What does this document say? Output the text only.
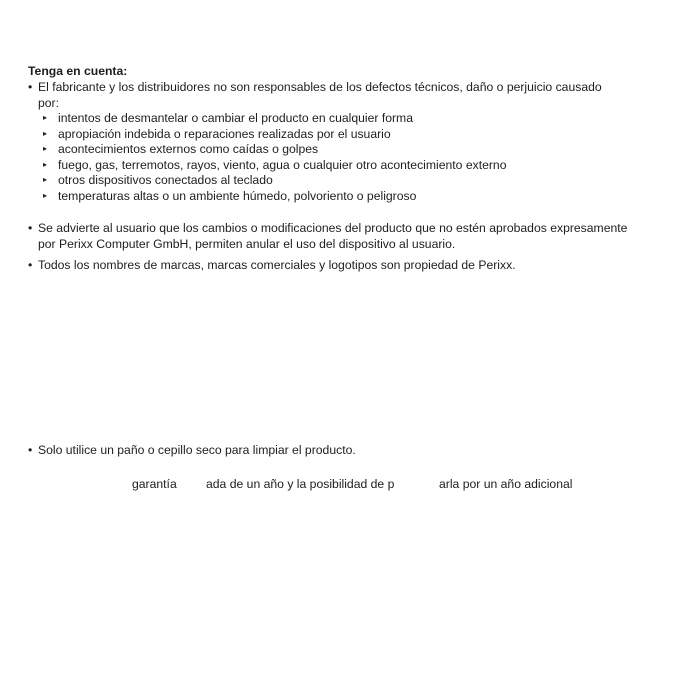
Tenga en cuenta:
• El fabricante y los distribuidores no son responsables de los defectos técnicos, daño o perjuicio causado
por:
▸ intentos de desmantelar o cambiar el producto en cualquier forma
▸ apropiación indebida o reparaciones realizadas por el usuario
▸ acontecimientos externos como caídas o golpes
▸ fuego, gas, terremotos, rayos, viento, agua o cualquier otro acontecimiento externo
▸ otros dispositivos conectados al teclado
▸ temperaturas altas o un ambiente húmedo, polvoriento o peligroso
• Se advierte al usuario que los cambios o modificaciones del producto que no estén aprobados expresamente
por Perixx Computer GmbH, permiten anular el uso del dispositivo al usuario.
• Todos los nombres de marcas, marcas comerciales y logotipos son propiedad de Perixx.
• Solo utilice un paño o cepillo seco para limpiar el producto.
garantía ada de un año y la posibilidad de p	arla por un año adicional
